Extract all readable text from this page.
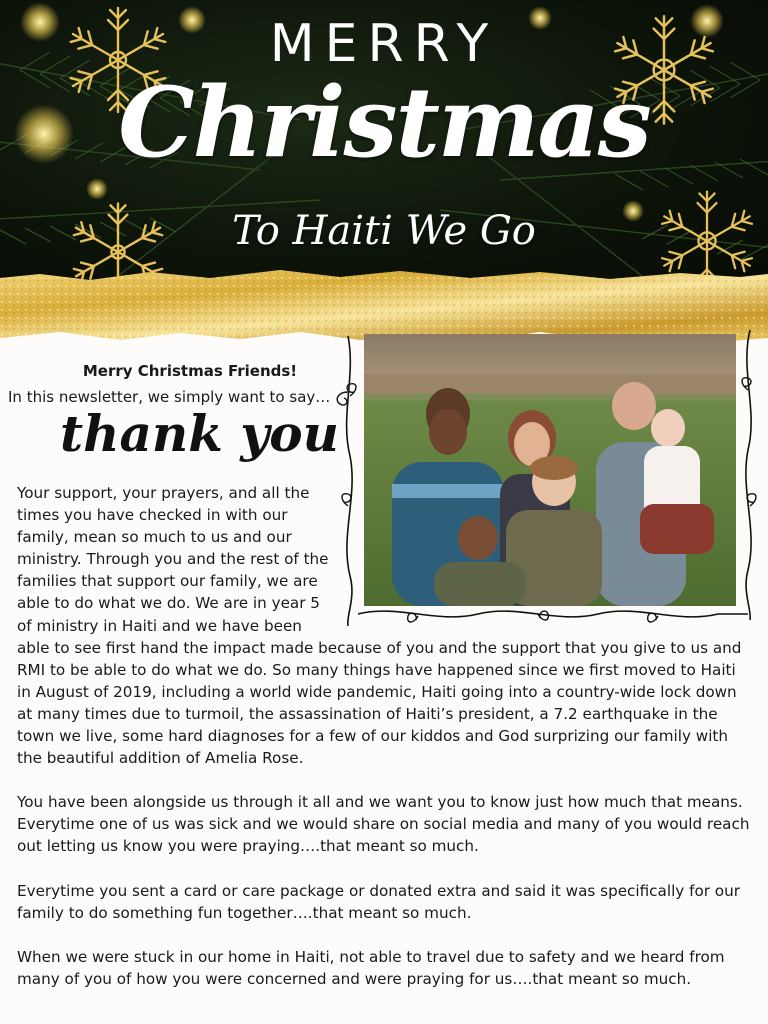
MERRY
Christmas
To Haiti We Go
Merry Christmas Friends!
In this newsletter, we simply want to say…
thank you

Your support, your prayers, and all the times you have checked in with our family, mean so much to us and our ministry. Through you and the rest of the families that support our family, we are able to do what we do. We are in year 5 of ministry in Haiti and we have been able to see first hand the impact made because of you and the support that you give to us and RMI to be able to do what we do. So many things have happened since we first moved to Haiti in August of 2019, including a world wide pandemic, Haiti going into a country-wide lock down at many times due to turmoil, the assassination of Haiti’s president, a 7.2 earthquake in the town we live, some hard diagnoses for a few of our kiddos and God surprizing our family with the beautiful addition of Amelia Rose.

You have been alongside us through it all and we want you to know just how much that means. Everytime one of us was sick and we would share on social media and many of you would reach out letting us know you were praying….that meant so much.

Everytime you sent a card or care package or donated extra and said it was specifically for our family to do something fun together….that meant so much.

When we were stuck in our home in Haiti, not able to travel due to safety and we heard from many of you of how you were concerned and were praying for us….that meant so much.
